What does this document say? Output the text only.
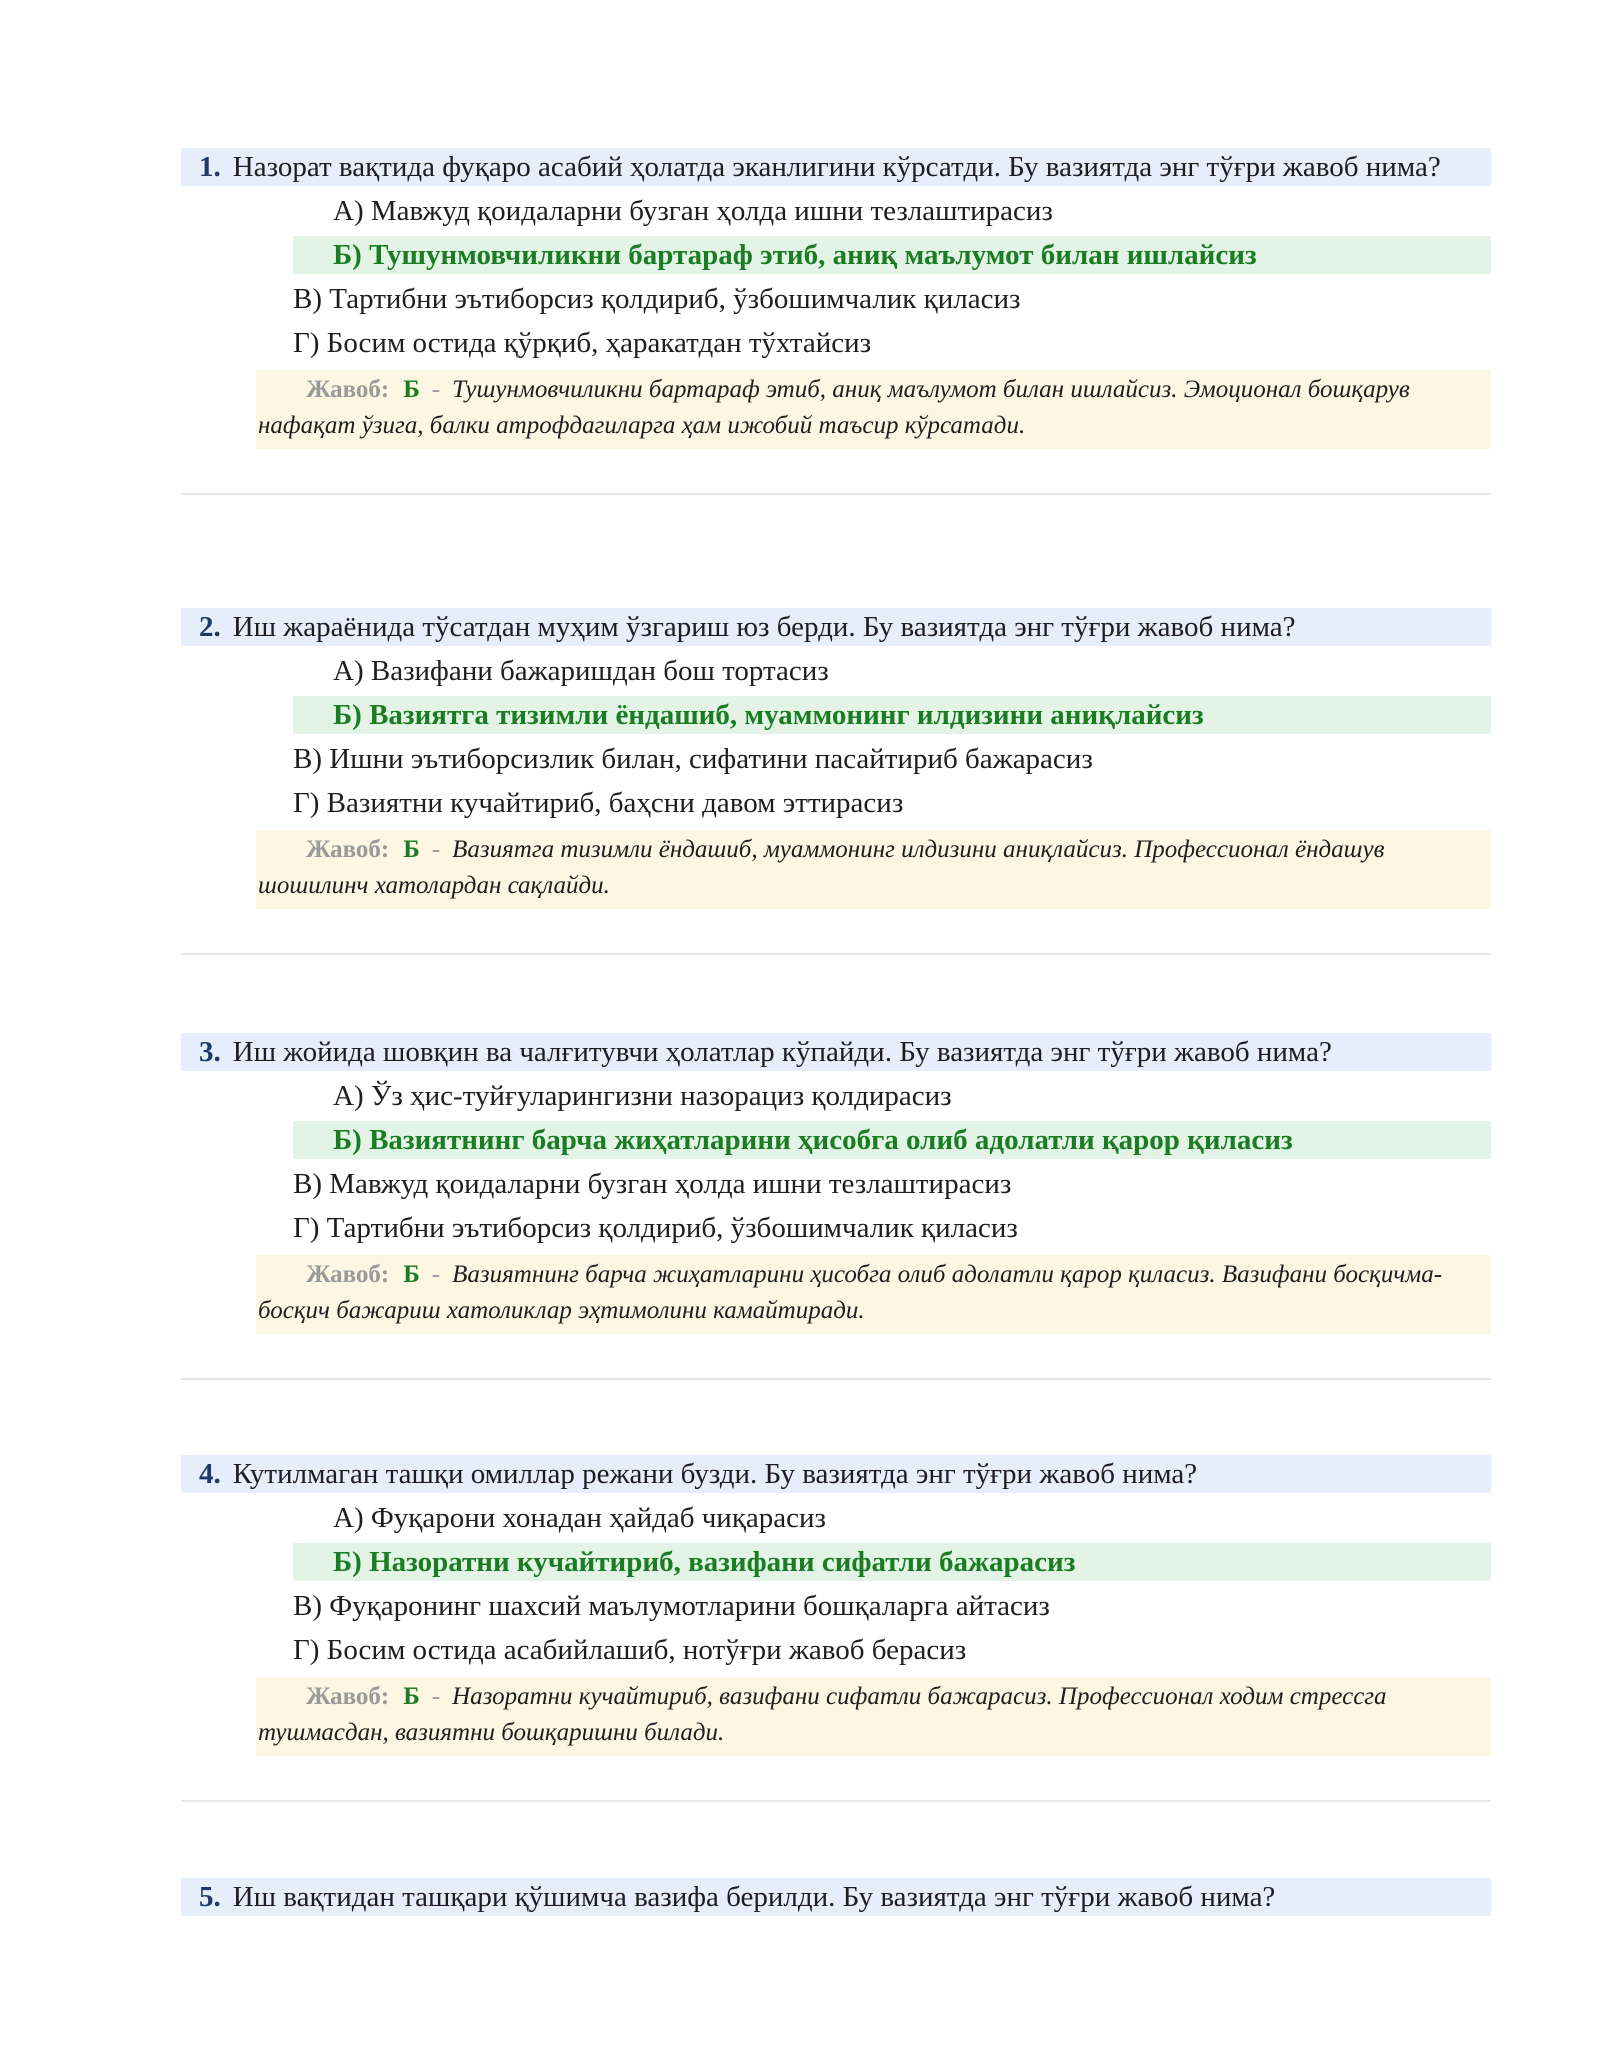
1. Назорат вақтида фуқаро асабий ҳолатда эканлигини кўрсатди. Бу вазиятда энг тўғри жавоб нима?
А) Мавжуд қоидаларни бузган ҳолда ишни тезлаштирасиз
Б) Тушунмовчиликни бартараф этиб, аниқ маълумот билан ишлайсиз
В) Тартибни эътиборсиз қолдириб, ўзбошимчалик қиласиз
Г) Босим остида қўрқиб, ҳаракатдан тўхтайсиз
Жавоб: Б - Тушунмовчиликни бартараф этиб, аниқ маълумот билан ишлайсиз. Эмоционал бошқарув нафақат ўзига, балки атрофдагиларга ҳам ижобий таъсир кўрсатади.
2. Иш жараёнида тўсатдан муҳим ўзгариш юз берди. Бу вазиятда энг тўғри жавоб нима?
А) Вазифани бажаришдан бош тортасиз
Б) Вазиятга тизимли ёндашиб, муаммонинг илдизини аниқлайсиз
В) Ишни эътиборсизлик билан, сифатини пасайтириб бажарасиз
Г) Вазиятни кучайтириб, баҳсни давом эттирасиз
Жавоб: Б - Вазиятга тизимли ёндашиб, муаммонинг илдизини аниқлайсиз. Профессионал ёндашув шошилинч хатолардан сақлайди.
3. Иш жойида шовқин ва чалғитувчи ҳолатлар кўпайди. Бу вазиятда энг тўғри жавоб нима?
А) Ўз ҳис-туйғуларингизни назорациз қолдирасиз
Б) Вазиятнинг барча жиҳатларини ҳисобга олиб адолатли қарор қиласиз
В) Мавжуд қоидаларни бузган ҳолда ишни тезлаштирасиз
Г) Тартибни эътиборсиз қолдириб, ўзбошимчалик қиласиз
Жавоб: Б - Вазиятнинг барча жиҳатларини ҳисобга олиб адолатли қарор қиласиз. Вазифани босқичма-босқич бажариш хатоликлар эҳтимолини камайтиради.
4. Кутилмаган ташқи омиллар режани бузди. Бу вазиятда энг тўғри жавоб нима?
А) Фуқарони хонадан ҳайдаб чиқарасиз
Б) Назоратни кучайтириб, вазифани сифатли бажарасиз
В) Фуқаронинг шахсий маълумотларини бошқаларга айтасиз
Г) Босим остида асабийлашиб, нотўғри жавоб берасиз
Жавоб: Б - Назоратни кучайтириб, вазифани сифатли бажарасиз. Профессионал ходим стрессга тушмасдан, вазиятни бошқаришни билади.
5. Иш вақтидан ташқари қўшимча вазифа берилди. Бу вазиятда энг тўғри жавоб нима?
